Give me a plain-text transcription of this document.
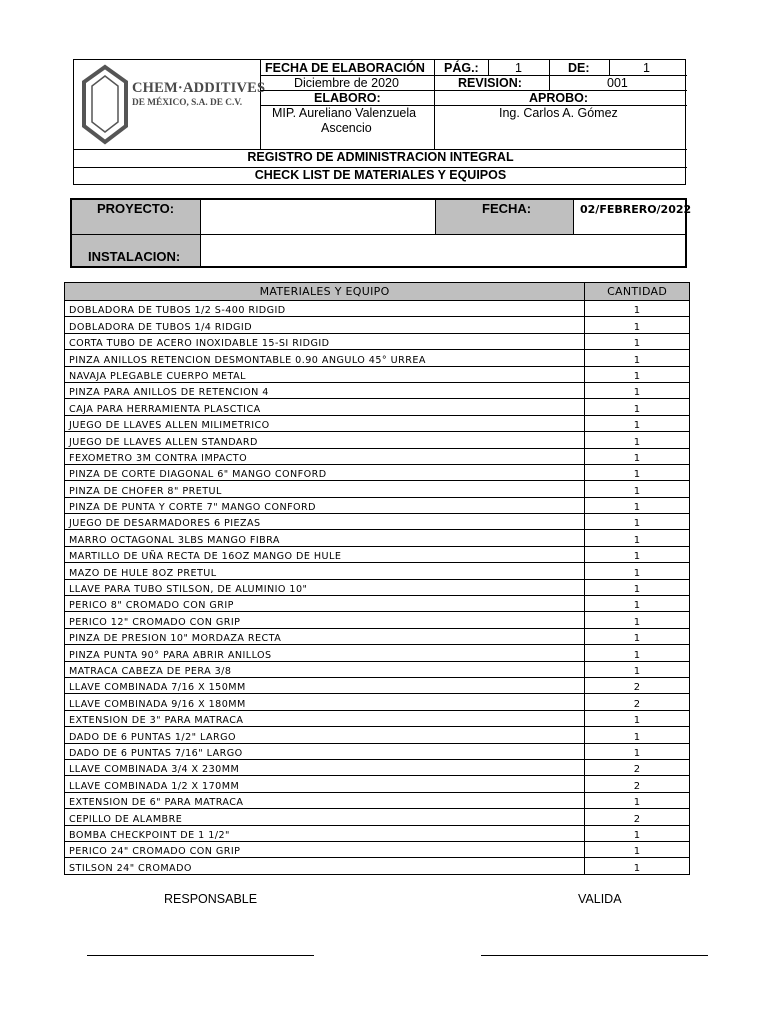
CHEM·ADDITIVES
DE MÉXICO, S.A. DE C.V.
FECHA DE ELABORACIÓN PÁG.:	1	DE:	1
Diciembre de 2020	REVISION:	001
ELABORO:	APROBO:
MIP. Aureliano Valenzuela
Ascencio
Ing. Carlos A. Gómez
REGISTRO DE ADMINISTRACION INTEGRAL
CHECK LIST DE MATERIALES Y EQUIPOS
PROYECTO:	FECHA:	02/FEBRERO/2022
INSTALACION:
MATERIALES Y EQUIPO	CANTIDAD
DOBLADORA DE TUBOS 1/2 S-400 RIDGID	1
DOBLADORA DE TUBOS 1/4 RIDGID	1
CORTA TUBO DE ACERO INOXIDABLE 15-SI RIDGID	1
PINZA ANILLOS RETENCION DESMONTABLE 0.90 ANGULO 45° URREA	1
NAVAJA PLEGABLE CUERPO METAL	1
PINZA PARA ANILLOS DE RETENCION 4	1
CAJA PARA HERRAMIENTA PLASCTICA	1
JUEGO DE LLAVES ALLEN MILIMETRICO	1
JUEGO DE LLAVES ALLEN STANDARD	1
FEXOMETRO 3M CONTRA IMPACTO	1
PINZA DE CORTE DIAGONAL 6" MANGO CONFORD	1
PINZA DE CHOFER 8" PRETUL	1
PINZA DE PUNTA Y CORTE 7" MANGO CONFORD	1
JUEGO DE DESARMADORES 6 PIEZAS	1
MARRO OCTAGONAL 3LBS MANGO FIBRA	1
MARTILLO DE UÑA RECTA DE 16OZ MANGO DE HULE	1
MAZO DE HULE 8OZ PRETUL	1
LLAVE PARA TUBO STILSON, DE ALUMINIO 10"	1
PERICO 8" CROMADO CON GRIP	1
PERICO 12" CROMADO CON GRIP	1
PINZA DE PRESION 10" MORDAZA RECTA	1
PINZA PUNTA 90° PARA ABRIR ANILLOS	1
MATRACA CABEZA DE PERA 3/8	1
LLAVE COMBINADA 7/16 X 150MM	2
LLAVE COMBINADA 9/16 X 180MM	2
EXTENSION DE 3" PARA MATRACA	1
DADO DE 6 PUNTAS 1/2" LARGO	1
DADO DE 6 PUNTAS 7/16" LARGO	1
LLAVE COMBINADA 3/4 X 230MM	2
LLAVE COMBINADA 1/2 X 170MM	2
EXTENSION DE 6" PARA MATRACA	1
CEPILLO DE ALAMBRE	2
BOMBA CHECKPOINT DE 1 1/2"	1
PERICO 24" CROMADO CON GRIP	1
STILSON 24" CROMADO	1
RESPONSABLE	VALIDA
